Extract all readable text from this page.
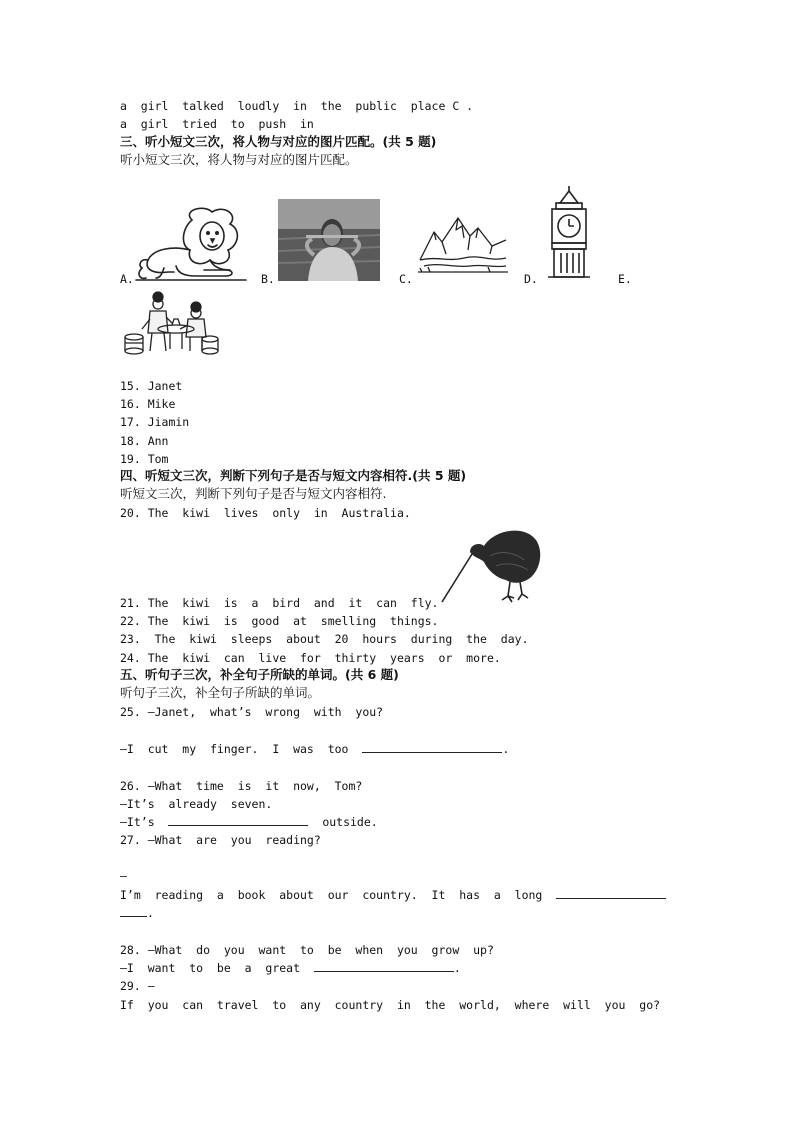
a  girl  talked  loudly  in  the  public  place C .
a  girl  tried  to  push  in
三、听小短文三次，将人物与对应的图片匹配。(共 5 题)
听小短文三次，将人物与对应的图片匹配。
A.	B.	C.	D.	E.
15. Janet
16. Mike
17. Jiamin
18. Ann
19. Tom
四、听短文三次，判断下列句子是否与短文内容相符.(共 5 题)
听短文三次，判断下列句子是否与短文内容相符.
20. The  kiwi  lives  only  in  Australia.
21. The  kiwi  is  a  bird  and  it  can  fly.
22. The  kiwi  is  good  at  smelling  things.
23.  The  kiwi  sleeps  about  20  hours  during  the  day.
24. The  kiwi  can  live  for  thirty  years  or  more.
五、听句子三次，补全句子所缺的单词。(共 6 题)
听句子三次，补全句子所缺的单词。
25. —Janet,  what’s  wrong  with  you?
—I  cut  my  finger.  I  was  too	.
26. —What  time  is  it  now,  Tom?
—It’s  already  seven.
—It’s	outside.
27. —What  are  you  reading?
—
I’m  reading  a  book  about  our  country.  It  has  a  long
.
28. —What  do  you  want  to  be  when  you  grow  up?
—I  want  to  be  a  great	.
29. —
If  you  can  travel  to  any  country  in  the  world,  where  will  you  go?
